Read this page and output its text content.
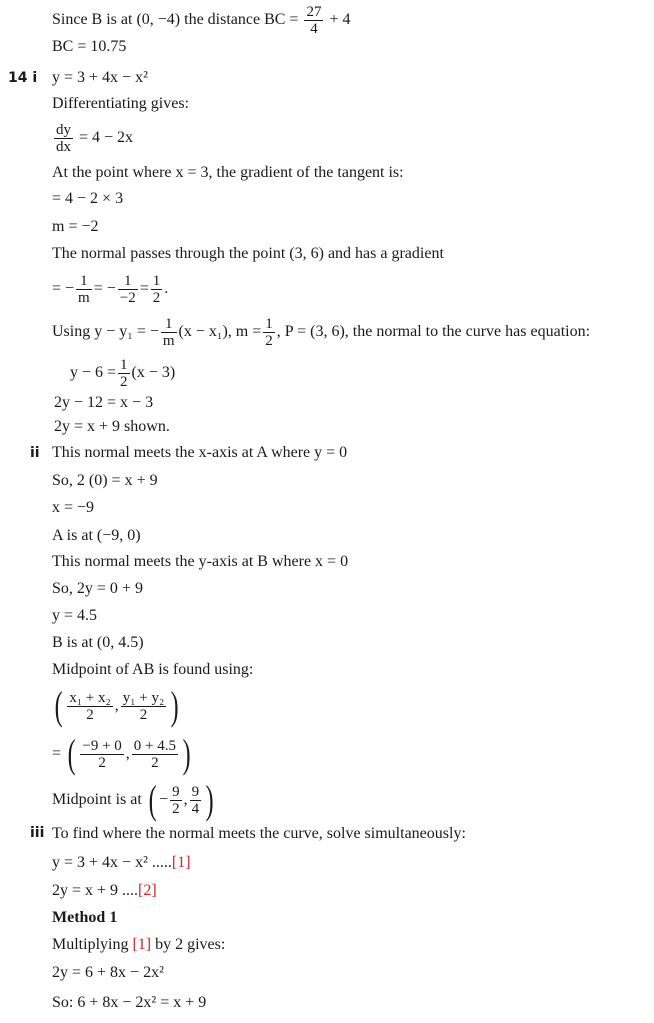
14 i
ii
iii
Since B is at (0, −4) the distance BC = $\frac{27}{4} + 4$
BC = 10.75
y = 3 + 4x − x²
Differentiating gives:
$\frac{dy}{dx} = 4 - 2x$
At the point where x = 3, the gradient of the tangent is:
= 4 − 2 × 3
m = −2
The normal passes through the point (3, 6) and has a gradient
= − $\frac{1}{m}$ = − $\frac{1}{-2} = \frac{1}{2}$ .
Using y − y₁ = − $\frac{1}{m} (x - x_1)$, $m = \frac{1}{2}$ , P = (3, 6), the normal to the curve has equation:
$y - 6 = \frac{1}{2} (x - 3)$
2y − 12 = x − 3
2y = x + 9 shown.
This normal meets the x-axis at A where y = 0
So, 2 (0) = x + 9
x = −9
A is at (−9, 0)
This normal meets the y-axis at B where x = 0
So, 2y = 0 + 9
y = 4.5
B is at (0, 4.5)
Midpoint of AB is found using:
( $\frac{\text{x₁ + x₂}}{2}$ , $\frac{\text{y₁ + y₂}}{2}$ )
= ( $\frac{-9 + 0}{2}$ , $\frac{0 + 4.5}{2}$ )
Midpoint is at ( − $\frac{9}{2}$ , $\frac{9}{4}$ )
To find where the normal meets the curve, solve simultaneously:
y = 3 + 4x − x² .....[1]
2y = x + 9 ....[2]
Method 1
Multiplying [1] by 2 gives:
2y = 6 + 8x − 2x²
So: 6 + 8x − 2x² = x + 9
